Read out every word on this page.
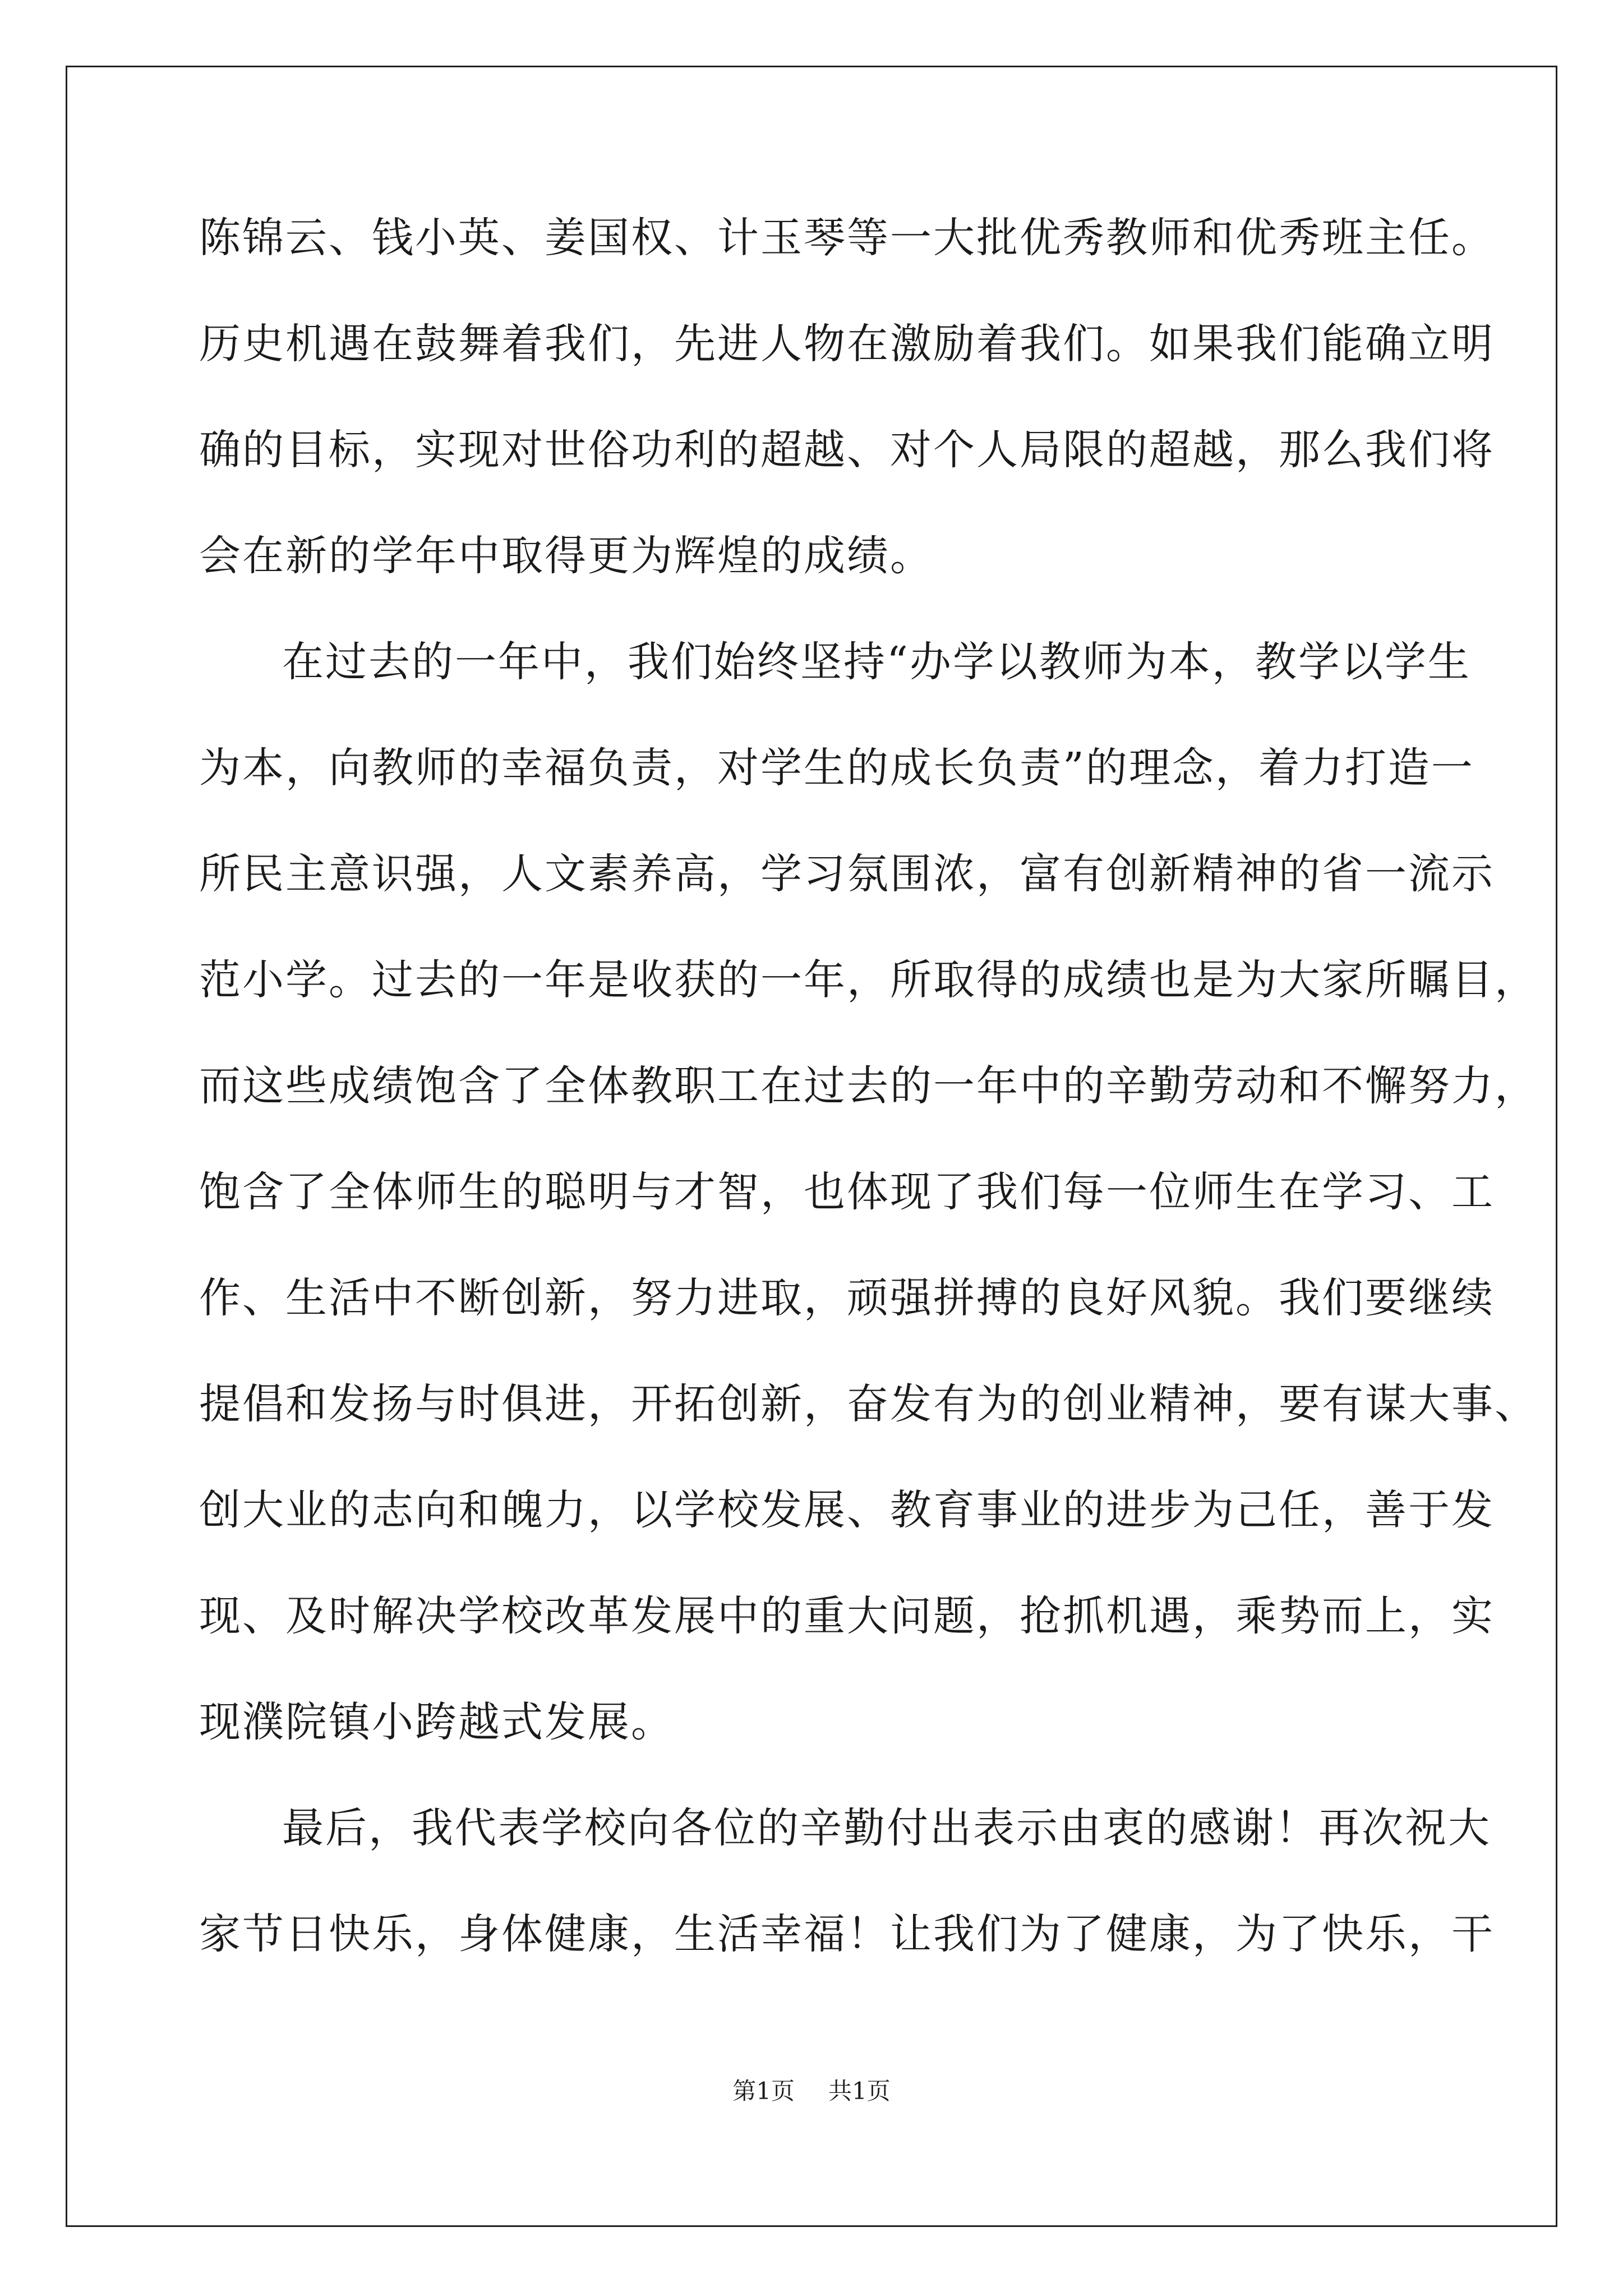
陈锦云、钱小英、姜国权、计玉琴等一大批优秀教师和优秀班主任。
历史机遇在鼓舞着我们，先进人物在激励着我们。如果我们能确立明
确的目标，实现对世俗功利的超越、对个人局限的超越，那么我们将
会在新的学年中取得更为辉煌的成绩。
在过去的一年中，我们始终坚持“办学以教师为本，教学以学生
为本，向教师的幸福负责，对学生的成长负责”的理念，着力打造一
所民主意识强，人文素养高，学习氛围浓，富有创新精神的省一流示
范小学。过去的一年是收获的一年，所取得的成绩也是为大家所瞩目，
而这些成绩饱含了全体教职工在过去的一年中的辛勤劳动和不懈努力，
饱含了全体师生的聪明与才智，也体现了我们每一位师生在学习、工
作、生活中不断创新，努力进取，顽强拼搏的良好风貌。我们要继续
提倡和发扬与时俱进，开拓创新，奋发有为的创业精神，要有谋大事、
创大业的志向和魄力，以学校发展、教育事业的进步为己任，善于发
现、及时解决学校改革发展中的重大问题，抢抓机遇，乘势而上，实
现濮院镇小跨越式发展。
最后，我代表学校向各位的辛勤付出表示由衷的感谢！再次祝大
家节日快乐，身体健康，生活幸福！让我们为了健康，为了快乐，干
第1页 共1页
